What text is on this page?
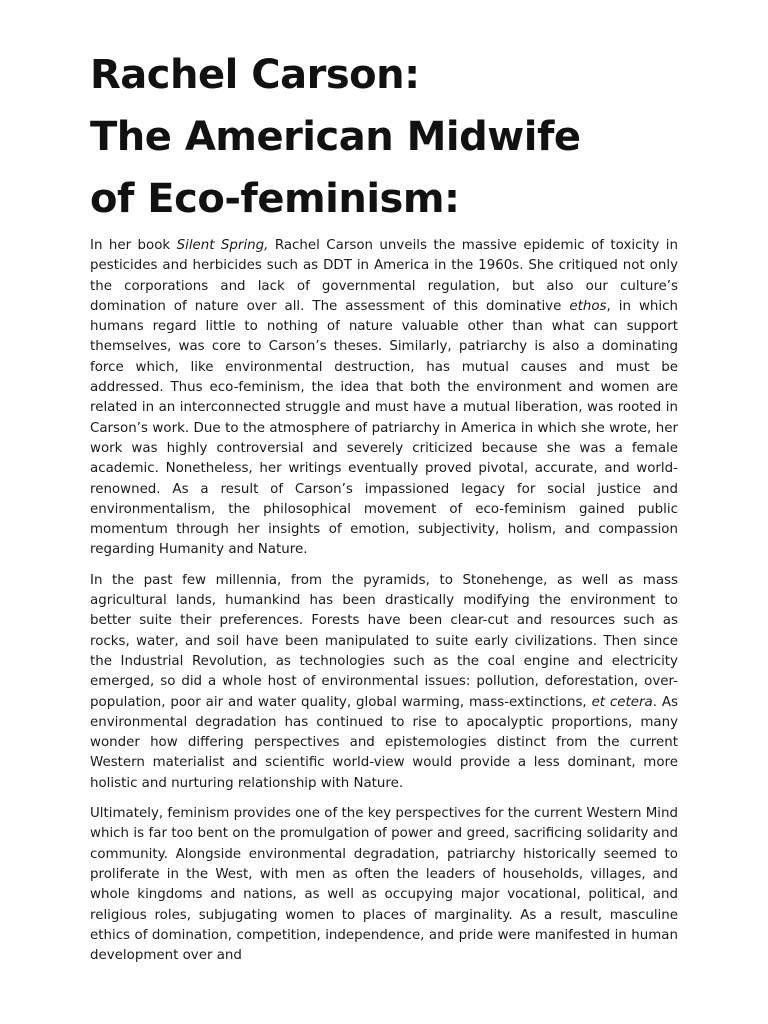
Rachel Carson:
The American Midwife
of Eco-feminism:

In her book Silent Spring, Rachel Carson unveils the massive epidemic of toxicity in pesticides and herbicides such as DDT in America in the 1960s. She critiqued not only the corporations and lack of governmental regulation, but also our culture’s domination of nature over all. The assessment of this dominative ethos, in which humans regard little to nothing of nature valuable other than what can support themselves, was core to Carson’s theses. Similarly, patriarchy is also a dominating force which, like environmental destruction, has mutual causes and must be addressed. Thus eco-feminism, the idea that both the environment and women are related in an interconnected struggle and must have a mutual liberation, was rooted in Carson’s work. Due to the atmosphere of patriarchy in America in which she wrote, her work was highly controversial and severely criticized because she was a female academic. Nonetheless, her writings eventually proved pivotal, accurate, and world-renowned. As a result of Carson’s impassioned legacy for social justice and environmentalism, the philosophical movement of eco-feminism gained public momentum through her insights of emotion, subjectivity, holism, and compassion regarding Humanity and Nature.

In the past few millennia, from the pyramids, to Stonehenge, as well as mass agricultural lands, humankind has been drastically modifying the environment to better suite their preferences. Forests have been clear-cut and resources such as rocks, water, and soil have been manipulated to suite early civilizations. Then since the Industrial Revolution, as technologies such as the coal engine and electricity emerged, so did a whole host of environmental issues: pollution, deforestation, over-population, poor air and water quality, global warming, mass-extinctions, et cetera. As environmental degradation has continued to rise to apocalyptic proportions, many wonder how differing perspectives and epistemologies distinct from the current Western materialist and scientific world-view would provide a less dominant, more holistic and nurturing relationship with Nature.

Ultimately, feminism provides one of the key perspectives for the current Western Mind which is far too bent on the promulgation of power and greed, sacrificing solidarity and community. Alongside environmental degradation, patriarchy historically seemed to proliferate in the West, with men as often the leaders of households, villages, and whole kingdoms and nations, as well as occupying major vocational, political, and religious roles, subjugating women to places of marginality. As a result, masculine ethics of domination, competition, independence, and pride were manifested in human development over and
